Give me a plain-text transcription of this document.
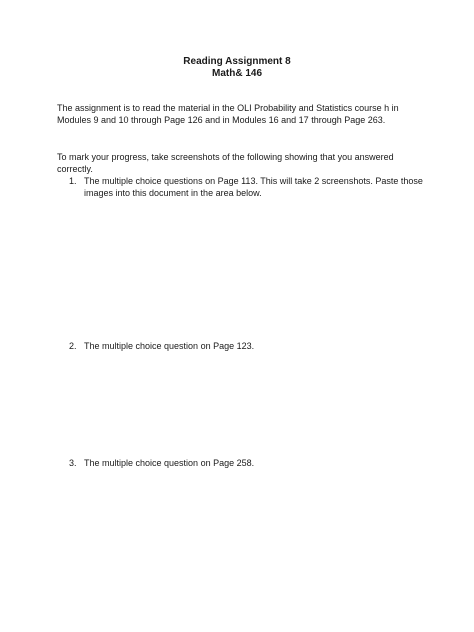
Reading Assignment 8
Math& 146
The assignment is to read the material in the OLI Probability and Statistics course h in Modules 9 and 10 through Page 126 and in Modules 16 and 17 through Page 263.
To mark your progress, take screenshots of the following showing that you answered correctly.
1. The multiple choice questions on Page 113. This will take 2 screenshots. Paste those images into this document in the area below.
2. The multiple choice question on Page 123.
3. The multiple choice question on Page 258.
